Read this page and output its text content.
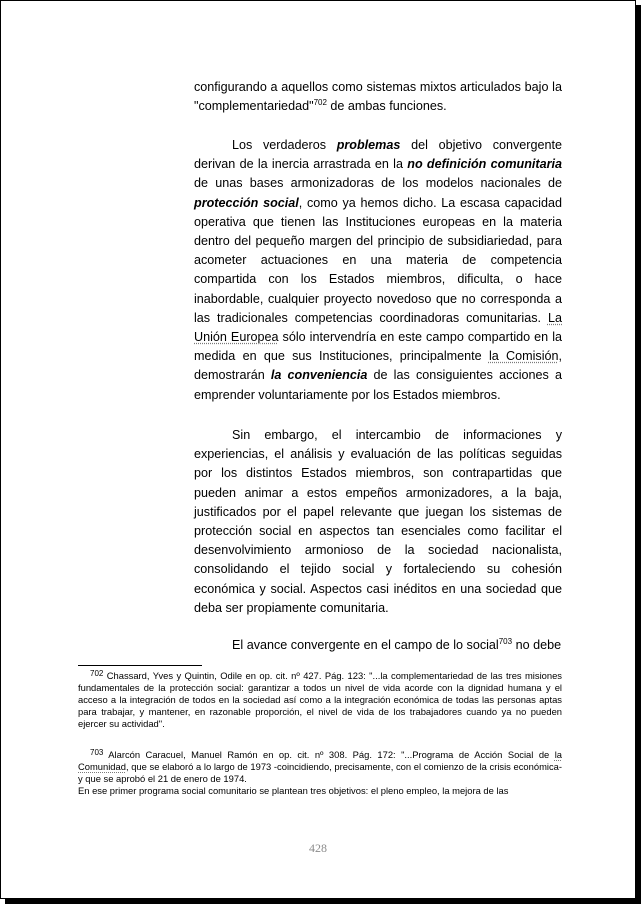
configurando a aquellos como sistemas mixtos articulados bajo la "complementariedad"$^{702}$ de ambas funciones.

Los verdaderos problemas del objetivo convergente derivan de la inercia arrastrada en la no definición comunitaria de unas bases armonizadoras de los modelos nacionales de protección social, como ya hemos dicho. La escasa capacidad operativa que tienen las Instituciones europeas en la materia dentro del pequeño margen del principio de subsidiariedad, para acometer actuaciones en una materia de competencia compartida con los Estados miembros, dificulta, o hace inabordable, cualquier proyecto novedoso que no corresponda a las tradicionales competencias coordinadoras comunitarias. La Unión Europea sólo intervendría en este campo compartido en la medida en que sus Instituciones, principalmente la Comisión, demostrarán la conveniencia de las consiguientes acciones a emprender voluntariamente por los Estados miembros.

Sin embargo, el intercambio de informaciones y experiencias, el análisis y evaluación de las políticas seguidas por los distintos Estados miembros, son contrapartidas que pueden animar a estos empeños armonizadores, a la baja, justificados por el papel relevante que juegan los sistemas de protección social en aspectos tan esenciales como facilitar el desenvolvimiento armonioso de la sociedad nacionalista, consolidando el tejido social y fortaleciendo su cohesión económica y social. Aspectos casi inéditos en una sociedad que deba ser propiamente comunitaria.

El avance convergente en el campo de lo social$^{703}$ no debe

702 Chassard, Yves y Quintin, Odile en op. cit. nº 427. Pág. 123: "...la complementariedad de las tres misiones fundamentales de la protección social: garantizar a todos un nivel de vida acorde con la dignidad humana y el acceso a la integración de todos en la sociedad así como a la integración económica de todas las personas aptas para trabajar, y mantener, en razonable proporción, el nivel de vida de los trabajadores cuando ya no pueden ejercer su actividad".

703 Alarcón Caracuel, Manuel Ramón en op. cit. nº 308. Pág. 172: "...Programa de Acción Social de la Comunidad, que se elaboró a lo largo de 1973 -coincidiendo, precisamente, con el comienzo de la crisis económica- y que se aprobó el 21 de enero de 1974.

En ese primer programa social comunitario se plantean tres objetivos: el pleno empleo, la mejora de las

428
